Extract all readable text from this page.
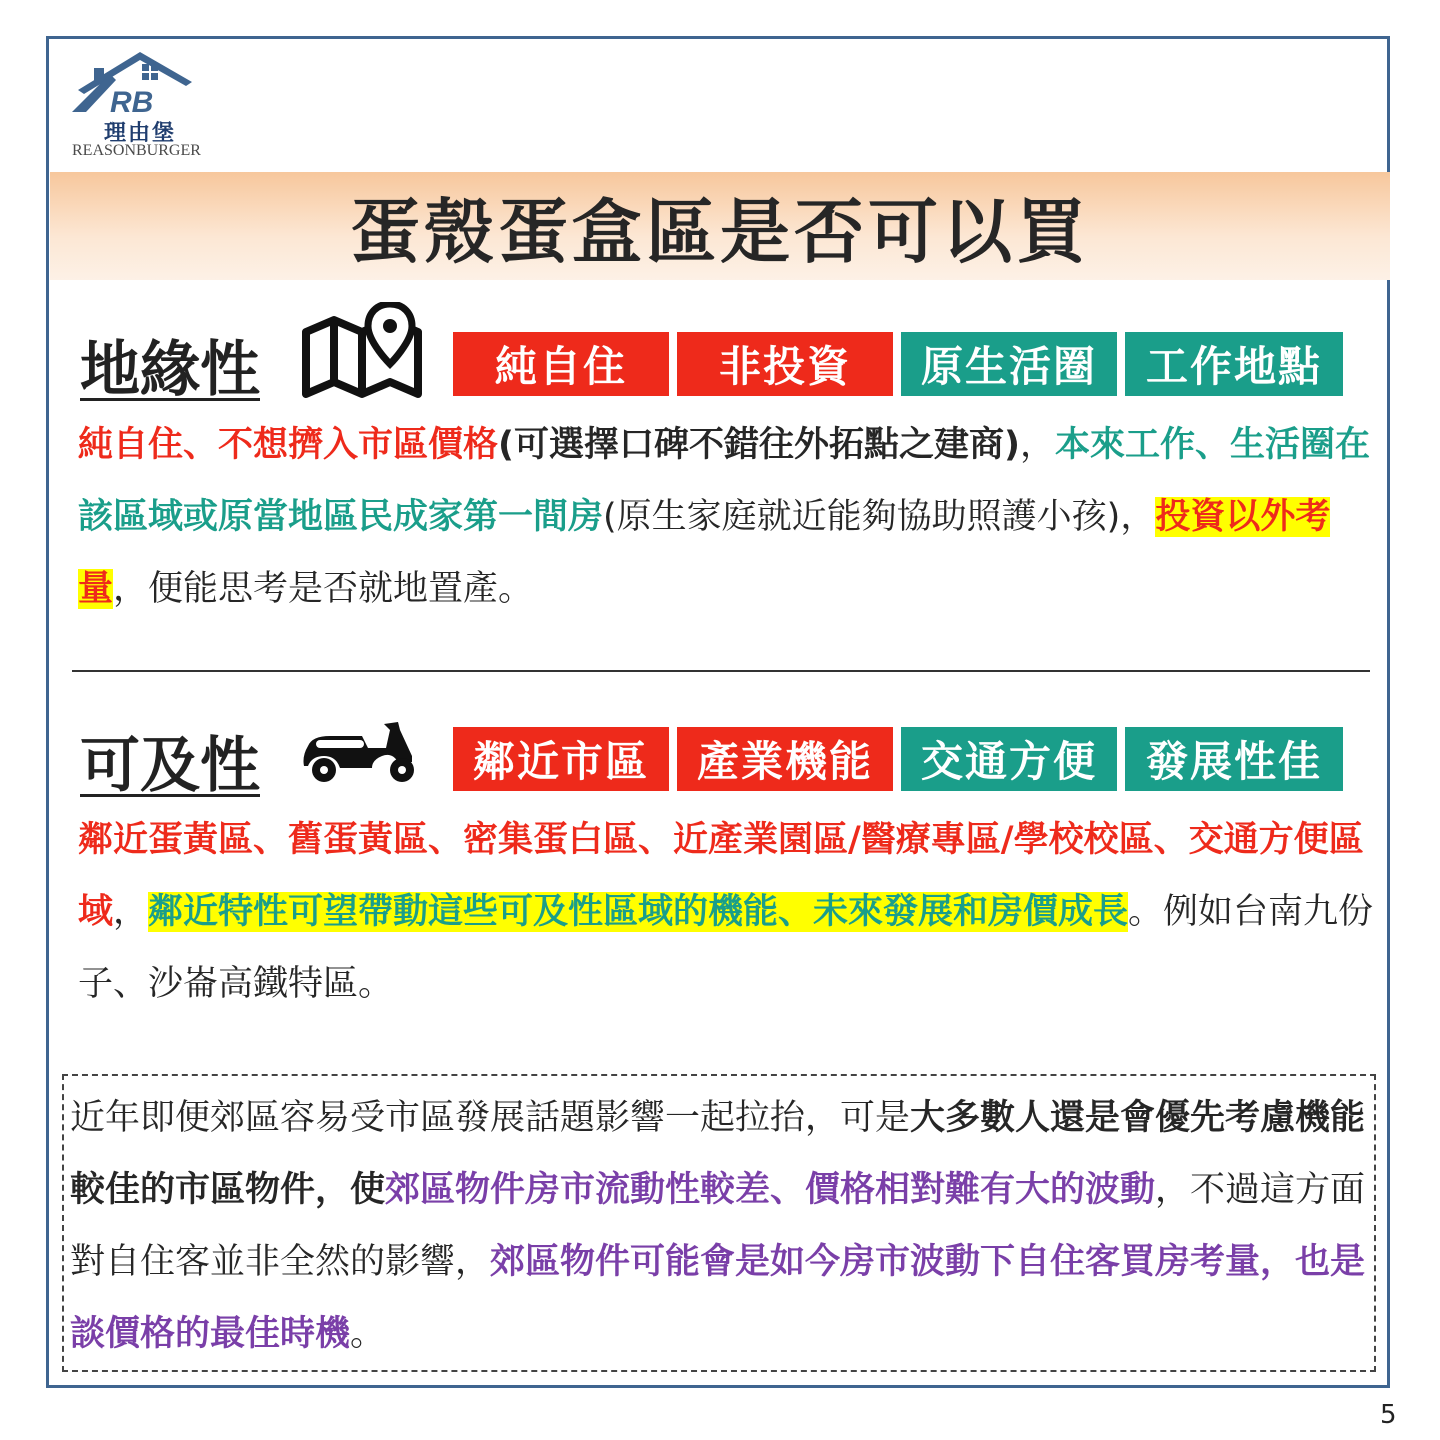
RB
理由堡
REASONBURGER
蛋殼蛋盒區是否可以買
地緣性	純自住	非投資	原生活圈	工作地點
純自住、不想擠入市區價格(可選擇口碑不錯往外拓點之建商)，本來工作、生活圈在該區域或原當地區民成家第一間房(原生家庭就近能夠協助照護小孩)，投資以外考量，便能思考是否就地置產。
可及性	鄰近市區	產業機能	交通方便	發展性佳
鄰近蛋黃區、舊蛋黃區、密集蛋白區、近產業園區/醫療專區/學校校區、交通方便區域，鄰近特性可望帶動這些可及性區域的機能、未來發展和房價成長。例如台南九份子、沙崙高鐵特區。
近年即便郊區容易受市區發展話題影響一起拉抬，可是大多數人還是會優先考慮機能較佳的市區物件，使郊區物件房市流動性較差、價格相對難有大的波動，不過這方面對自住客並非全然的影響，郊區物件可能會是如今房市波動下自住客買房考量，也是談價格的最佳時機。
5
